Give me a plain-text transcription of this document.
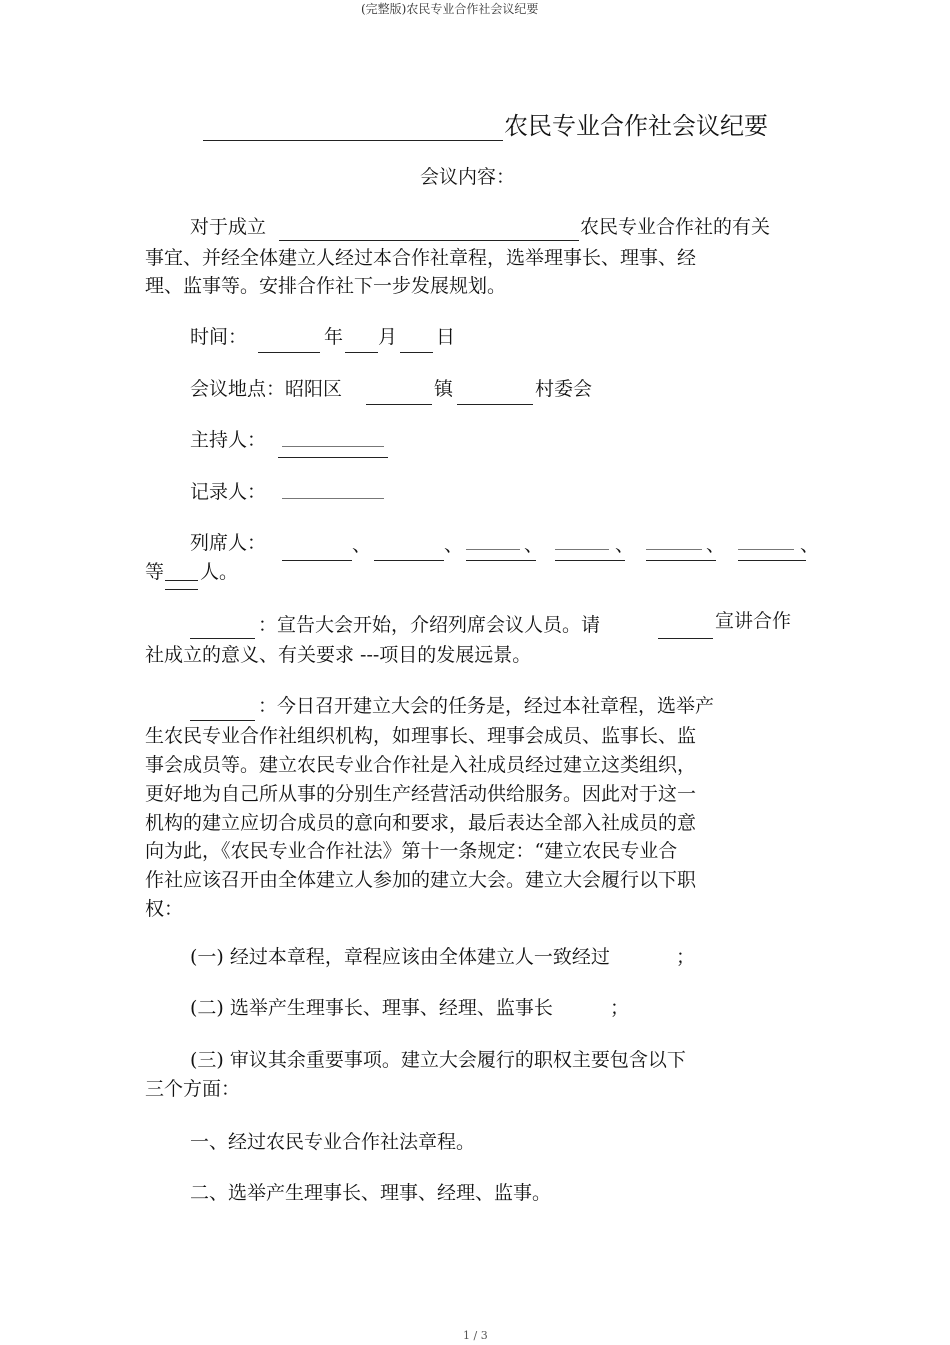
(完整版)农民专业合作社会议纪要
农民专业合作社会议纪要
会议内容：
对于成立	农民专业合作社的有关
事宜、并经全体建立人经过本合作社章程，选举理事长、理事、经
理、监事等。安排合作社下一步发展规划。
时间：	年 月 日
会议地点：昭阳区	镇	村委会
主持人：
记录人：
列席人：	、	、	、	、	、	、
等 人。
：宣告大会开始，介绍列席会议人员。请	宣讲合作
社成立的意义、有关要求 ---项目的发展远景。
：今日召开建立大会的任务是，经过本社章程，选举产
生农民专业合作社组织机构，如理事长、理事会成员、监事长、监
事会成员等。建立农民专业合作社是入社成员经过建立这类组织，
更好地为自己所从事的分别生产经营活动供给服务。因此对于这一
机构的建立应切合成员的意向和要求，最后表达全部入社成员的意
向为此，《农民专业合作社法》第十一条规定：“建立农民专业合
作社应该召开由全体建立人参加的建立大会。建立大会履行以下职
权：
(一) 经过本章程，章程应该由全体建立人一致经过	；
(二) 选举产生理事长、理事、经理、监事长	；
(三) 审议其余重要事项。建立大会履行的职权主要包含以下
三个方面：
一、经过农民专业合作社法章程。
二、选举产生理事长、理事、经理、监事。
1 / 3
